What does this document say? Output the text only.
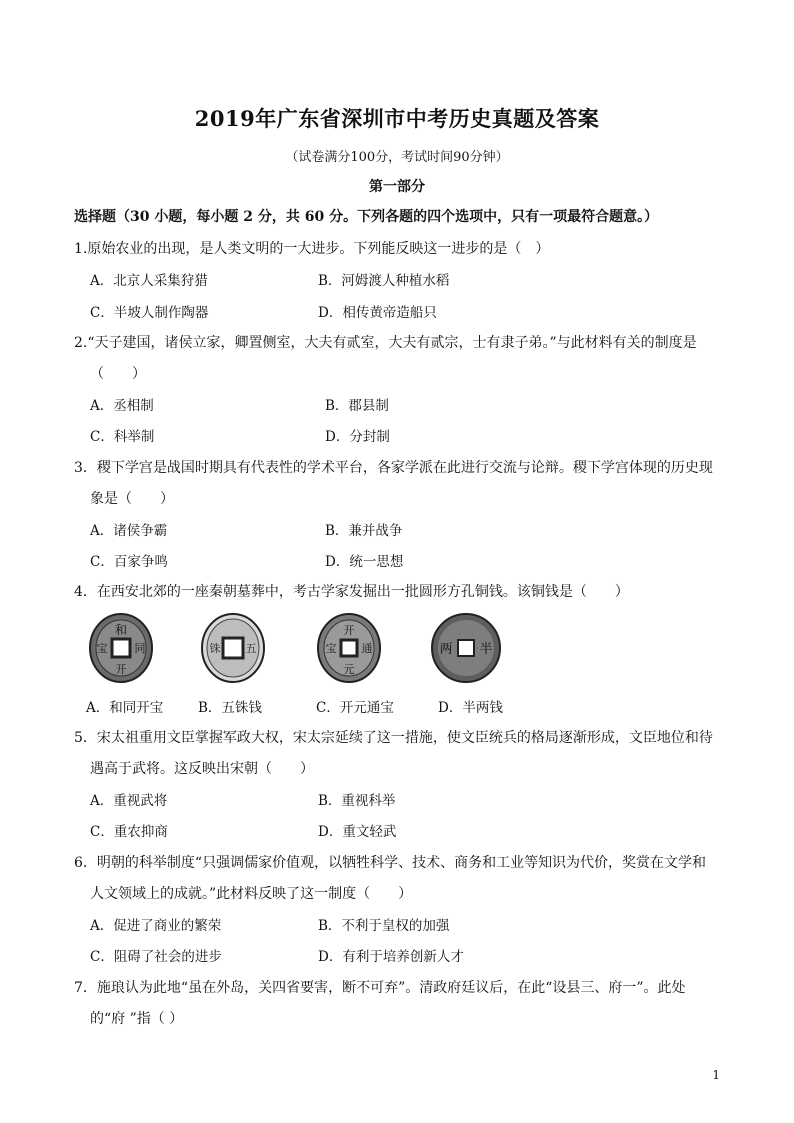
2019年广东省深圳市中考历史真题及答案
（试卷满分100分，考试时间90分钟）
第一部分
选择题（30 小题，每小题 2 分，共 60 分。下列各题的四个选项中，只有一项最符合题意。）
1.原始农业的出现，是人类文明的一大进步。下列能反映这一进步的是（　）
A．北京人采集狩猎	B．河姆渡人种植水稻
C．半坡人制作陶器	D．相传黄帝造船只
2.“天子建国，诸侯立家，卿置侧室，大夫有贰室，大夫有贰宗，士有隶子弟。”与此材料有关的制度是
（　　）
A．丞相制	B．郡县制
C．科举制	D．分封制
3．稷下学宫是战国时期具有代表性的学术平台，各家学派在此进行交流与论辩。稷下学宫体现的历史现
象是（　　）
A．诸侯争霸	B．兼并战争
C．百家争鸣	D．统一思想
4．在西安北郊的一座秦朝墓葬中，考古学家发掘出一批圆形方孔铜钱。该铜钱是（　　）
和
同
开
宝	五
铢
开
元
通
宝	半
两
A．和同开宝	B．五铢钱	C．开元通宝	D．半两钱
5．宋太祖重用文臣掌握军政大权，宋太宗延续了这一措施，使文臣统兵的格局逐渐形成，文臣地位和待
遇高于武将。这反映出宋朝（　　）
A．重视武将	B．重视科举
C．重农抑商	D．重文轻武
6．明朝的科举制度“只强调儒家价值观，以牺牲科学、技术、商务和工业等知识为代价，奖赏在文学和
人文领域上的成就。”此材料反映了这一制度（　　）
A．促进了商业的繁荣	B．不利于皇权的加强
C．阻碍了社会的进步	D．有利于培养创新人才
7．施琅认为此地“虽在外岛，关四省要害，断不可弃”。清政府廷议后，在此“设县三、府一”。此处
的“府 ”指（ ）
1
